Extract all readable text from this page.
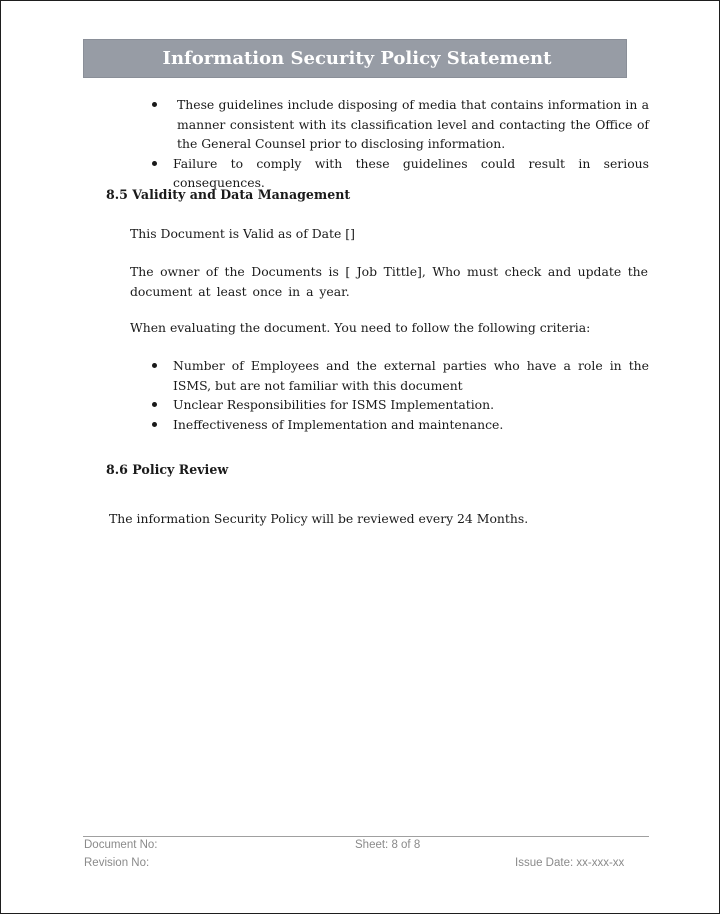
Information Security Policy Statement
These guidelines include disposing of media that contains information in a manner consistent with its classification level and contacting the Office of the General Counsel prior to disclosing information.
Failure to comply with these guidelines could result in serious consequences.
8.5 Validity and Data Management
This Document is Valid as of Date []
The owner of the Documents is [ Job Tittle], Who must check and update the document at least once in a year.
When evaluating the document. You need to follow the following criteria:
Number of Employees and the external parties who have a role in the ISMS, but are not familiar with this document
Unclear Responsibilities for ISMS Implementation.
Ineffectiveness of Implementation and maintenance.
8.6 Policy Review
The information Security Policy will be reviewed every 24 Months.
Document No:
Revision No:
Sheet: 8 of 8
Issue Date: xx-xxx-xx
